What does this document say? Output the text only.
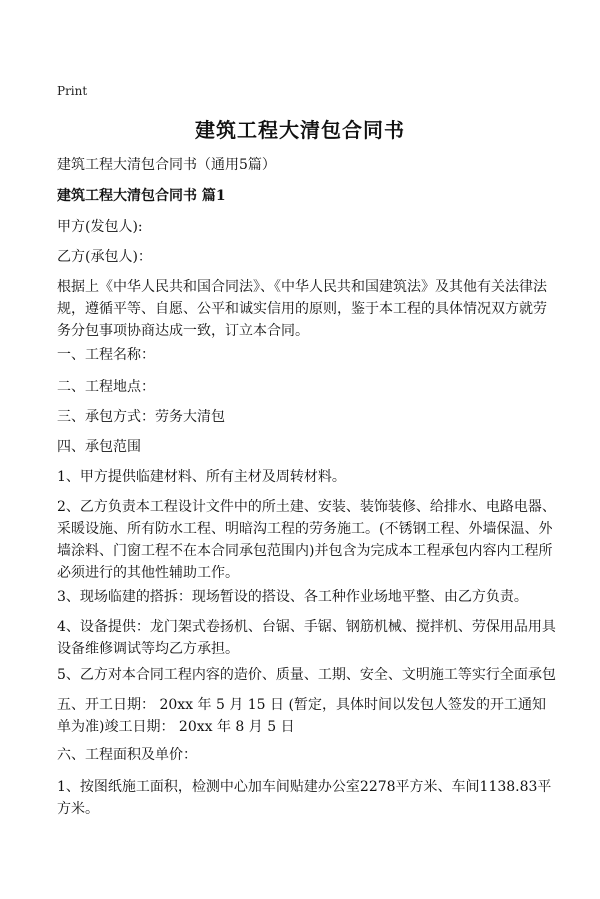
Print
建筑工程大清包合同书
建筑工程大清包合同书（通用5篇）
建筑工程大清包合同书 篇1

甲方(发包人):

乙方(承包人)：

根据上《中华人民共和国合同法》、《中华人民共和国建筑法》及其他有关法律法规，遵循平等、自愿、公平和诚实信用的原则，鉴于本工程的具体情况双方就劳务分包事项协商达成一致，订立本合同。

一、工程名称：

二、工程地点：

三、承包方式：劳务大清包

四、承包范围

1、甲方提供临建材料、所有主材及周转材料。

2、乙方负责本工程设计文件中的所土建、安装、装饰装修、给排水、电路电器、采暖设施、所有防水工程、明暗沟工程的劳务施工。(不锈钢工程、外墙保温、外墙涂料、门窗工程不在本合同承包范围内)并包含为完成本工程承包内容内工程所必须进行的其他性辅助工作。

3、现场临建的搭拆：现场暂设的搭设、各工种作业场地平整、由乙方负责。

4、设备提供：龙门架式卷扬机、台锯、手锯、钢筋机械、搅拌机、劳保用品用具设备维修调试等均乙方承担。

5、乙方对本合同工程内容的造价、质量、工期、安全、文明施工等实行全面承包

五、开工日期： 20xx 年 5 月 15 日 (暂定，具体时间以发包人签发的开工通知单为准)竣工日期： 20xx 年 8 月 5 日

六、工程面积及单价：

1、按图纸施工面积，检测中心加车间贴建办公室2278平方米、车间1138.83平方米。
